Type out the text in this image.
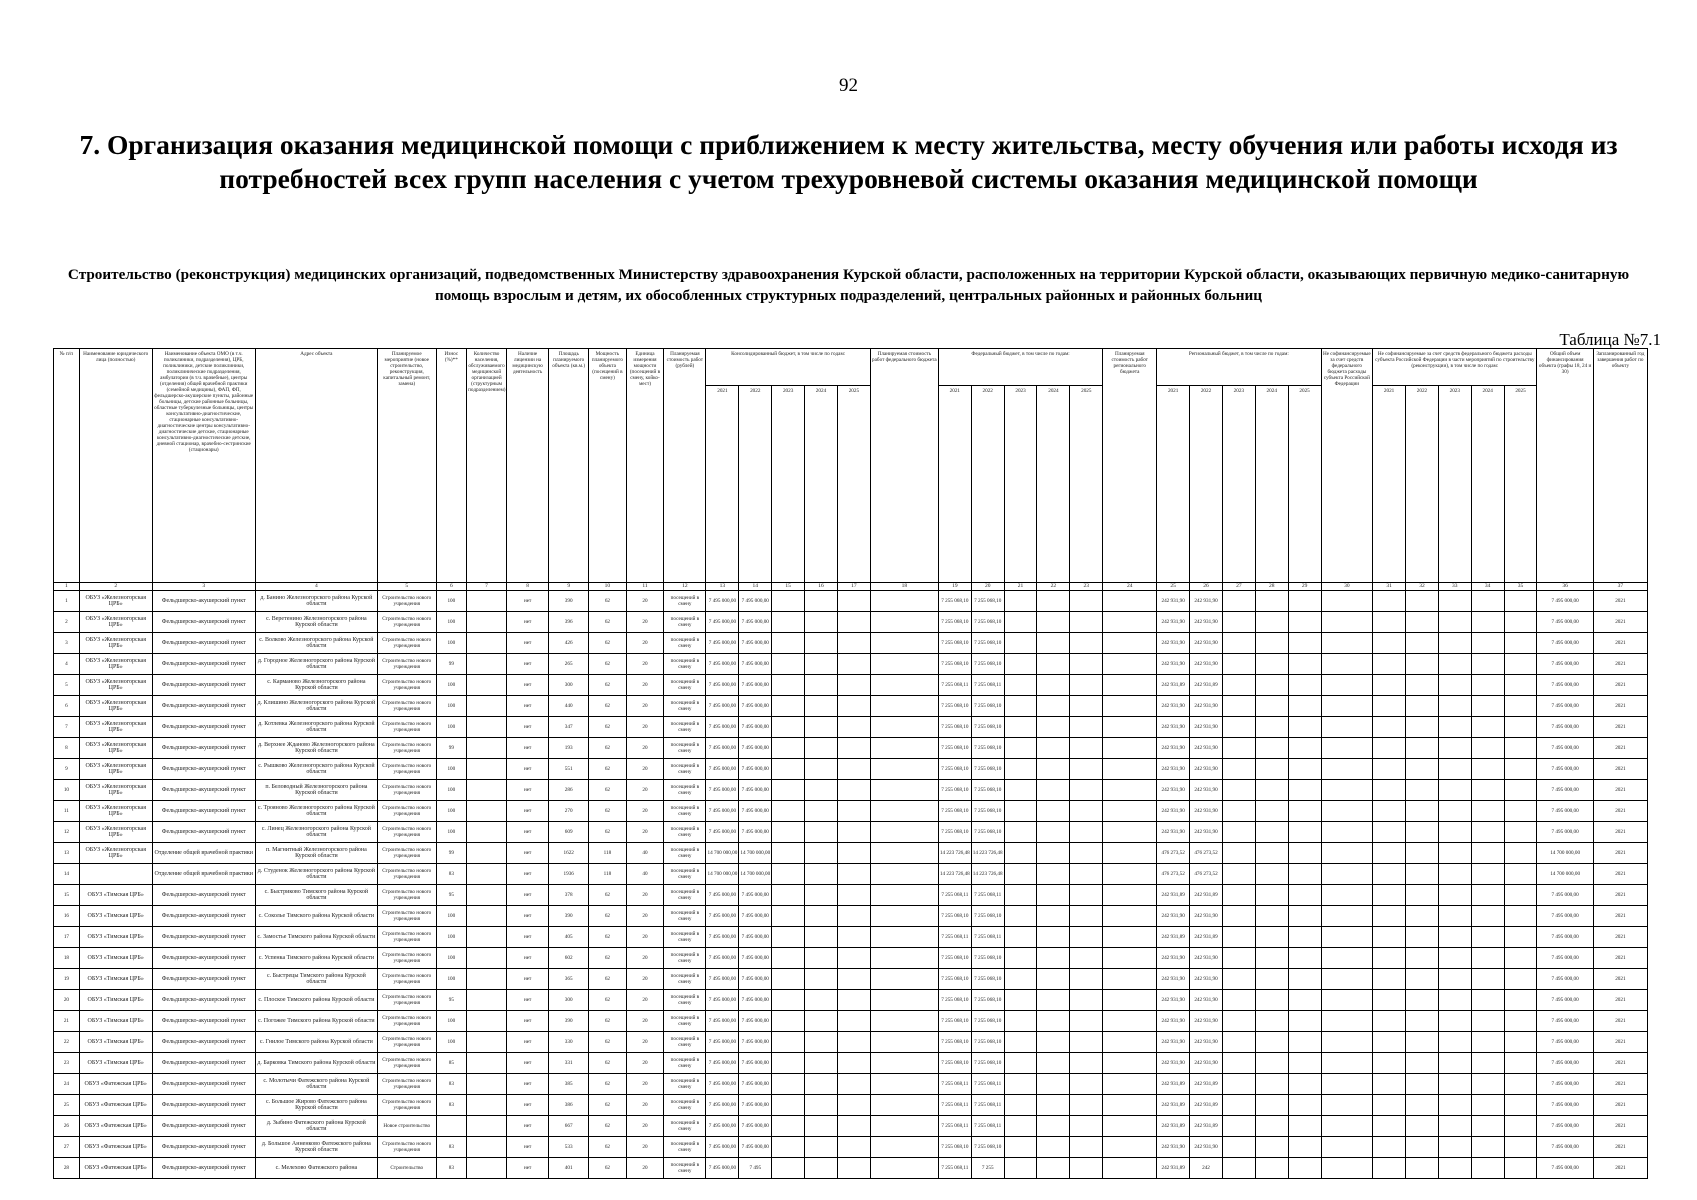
92
7. Организация оказания медицинской помощи с приближением к месту жительства, месту обучения или работы исходя из потребностей всех групп населения с учетом трехуровневой системы оказания медицинской помощи
Строительство (реконструкция) медицинских организаций, подведомственных Министерству здравоохранения Курской области, расположенных на территории Курской области, оказывающих первичную медико-санитарную помощь взрослым и детям, их обособленных структурных подразделений, центральных районных и районных больниц
Таблица №7.1
№ п/п	Наименование юридического лица (полностью)	Наименование объекта ОМО (в т.ч. поликлиники, подразделения), ЦРБ, поликлиники, детские поликлиники, поликлинические подразделения, амбулатории (в т.ч. врачебные), центры (отделения) общей врачебной практики (семейной медицины), ФАП, ФП, фельдшерско-акушерские пункты, районные больницы, детские районные больницы, областные туберкулезные больницы, центры консультативно-диагностические, стационарные консультативно-диагностические центры консультативно-диагностические детские, стационарные консультативно-диагностические детские, дневной стационар, врачебно-сестринские (стационары)	Адрес объекта	Планируемое мероприятие (новое строительство, реконструкция, капитальный ремонт, замена)	Износ (%)**	Количество населения, обслуживаемого медицинской организацией (структурным подразделением)	Наличие лицензии на медицинскую деятельность	Площадь планируемого объекта (кв.м.)	Мощность планируемого объекта (посещений в смену)	Единица измерения мощности (посещений в смену, койко-мест)	Планируемая стоимость работ (рублей)	Консолидированный бюджет, в том числе по годам:					Планируемая стоимость работ федерального бюджета	Федеральный бюджет, в том числе по годам:					Планируемая стоимость работ регионального бюджета	Региональный бюджет, в том числе по годам:					Не софинансируемые за счет средств федерального бюджета расходы субъекта Российской Федерации	Не софинансируемые за счет средств федерального бюджета расходы субъекта Российской Федерации в части мероприятий по строительству (реконструкции), в том числе по годам:					Общий объем финансирования объекта (графы 18, 24 и 30)	Запланированный год завершения работ по объекту
												2021	2022	2023	2024	2025		2021	2022	2023	2024	2025		2021	2022	2023	2024	2025		2021	2022	2023	2024	2025		
1	2	3	4	5	6	7	8	9	10	11	12	13	14	15	16	17	18	19	20	21	22	23	24	25	26	27	28	29	30	31	32	33	34	35	36	37
1	ОБУЗ «Железногорская ЦРБ»	Фельдшерско-акушерский пункт	д. Банино Железногорского района Курской области	Строительство нового учреждения	100		нет	390	62	20	посещений в смену	7 495 000,00	7 495 000,00					7 255 068,10	7 255 068,10					242 931,90	242 931,90										7 495 000,00	2021
2	ОБУЗ «Железногорская ЦРБ»	Фельдшерско-акушерский пункт	с. Веретенино Железногорского района Курской области	Строительство нового учреждения	100		нет	396	62	20	посещений в смену	7 495 000,00	7 495 000,00					7 255 068,10	7 255 068,10					242 931,90	242 931,90										7 495 000,00	2021
3	ОБУЗ «Железногорская ЦРБ»	Фельдшерско-акушерский пункт	с. Волково Железногорского района Курской области	Строительство нового учреждения	100		нет	426	62	20	посещений в смену	7 495 000,00	7 495 000,00					7 255 068,10	7 255 068,10					242 931,90	242 931,90										7 495 000,00	2021
4	ОБУЗ «Железногорская ЦРБ»	Фельдшерско-акушерский пункт	д. Городное Железногорского района Курской области	Строительство нового учреждения	99		нет	265	62	20	посещений в смену	7 495 000,00	7 495 000,00					7 255 068,10	7 255 068,10					242 931,90	242 931,90										7 495 000,00	2021
5	ОБУЗ «Железногорская ЦРБ»	Фельдшерско-акушерский пункт	с. Карманово Железногорского района Курской области	Строительство нового учреждения	100		нет	300	62	20	посещений в смену	7 495 000,00	7 495 000,00					7 255 068,11	7 255 068,11					242 931,89	242 931,89										7 495 000,00	2021
6	ОБУЗ «Железногорская ЦРБ»	Фельдшерско-акушерский пункт	д. Клишино Железногорского района Курской области	Строительство нового учреждения	100		нет	440	62	20	посещений в смену	7 495 000,00	7 495 000,00					7 255 068,10	7 255 068,10					242 931,90	242 931,90										7 495 000,00	2021
7	ОБУЗ «Железногорская ЦРБ»	Фельдшерско-акушерский пункт	д. Котлевка Железногорского района Курской области	Строительство нового учреждения	100		нет	347	62	20	посещений в смену	7 495 000,00	7 495 000,00					7 255 068,10	7 255 068,10					242 931,90	242 931,90										7 495 000,00	2021
8	ОБУЗ «Железногорская ЦРБ»	Фельдшерско-акушерский пункт	д. Верхнее Жданово Железногорского района Курской области	Строительство нового учреждения	99		нет	193	62	20	посещений в смену	7 495 000,00	7 495 000,00					7 255 068,10	7 255 068,10					242 931,90	242 931,90										7 495 000,00	2021
9	ОБУЗ «Железногорская ЦРБ»	Фельдшерско-акушерский пункт	с. Рышково Железногорского района Курской области	Строительство нового учреждения	100		нет	551	62	20	посещений в смену	7 495 000,00	7 495 000,00					7 255 068,10	7 255 068,10					242 931,90	242 931,90										7 495 000,00	2021
10	ОБУЗ «Железногорская ЦРБ»	Фельдшерско-акушерский пункт	п. Беловодный Железногорского района Курской области	Строительство нового учреждения	100		нет	286	62	20	посещений в смену	7 495 000,00	7 495 000,00					7 255 068,10	7 255 068,10					242 931,90	242 931,90										7 495 000,00	2021
11	ОБУЗ «Железногорская ЦРБ»	Фельдшерско-акушерский пункт	с. Трояново Железногорского района Курской области	Строительство нового учреждения	100		нет	270	62	20	посещений в смену	7 495 000,00	7 495 000,00					7 255 068,10	7 255 068,10					242 931,90	242 931,90										7 495 000,00	2021
12	ОБУЗ «Железногорская ЦРБ»	Фельдшерско-акушерский пункт	с. Линец Железногорского района Курской области	Строительство нового учреждения	100		нет	609	62	20	посещений в смену	7 495 000,00	7 495 000,00					7 255 068,10	7 255 068,10					242 931,90	242 931,90										7 495 000,00	2021
13	ОБУЗ «Железногорская ЦРБ»	Отделение общей врачебной практики	п. Магнитный Железногорского района Курской области	Строительство нового учреждения	99		нет	1622	118	40	посещений в смену	14 700 000,00	14 700 000,00					14 223 726,48	14 223 726,48					476 273,52	476 273,52										14 700 000,00	2021
14		Отделение общей врачебной практики	д. Студенок Железногорского района Курской области	Строительство нового учреждения	83		нет	1936	118	40	посещений в смену	14 700 000,00	14 700 000,00					14 223 726,48	14 223 726,48					476 273,52	476 273,52										14 700 000,00	2021
15	ОБУЗ «Тимская ЦРБ»	Фельдшерско-акушерский пункт	с. Быстриково Тимского района Курской области	Строительство нового учреждения	95		нет	378	62	20	посещений в смену	7 495 000,00	7 495 000,00					7 255 068,11	7 255 068,11					242 931,89	242 931,89										7 495 000,00	2021
16	ОБУЗ «Тимская ЦРБ»	Фельдшерско-акушерский пункт	с. Соколье Тимского района Курской области	Строительство нового учреждения	100		нет	390	62	20	посещений в смену	7 495 000,00	7 495 000,00					7 255 068,10	7 255 068,10					242 931,90	242 931,90										7 495 000,00	2021
17	ОБУЗ «Тимская ЦРБ»	Фельдшерско-акушерский пункт	с. Замостье Тимского района Курской области	Строительство нового учреждения	100		нет	405	62	20	посещений в смену	7 495 000,00	7 495 000,00					7 255 068,11	7 255 068,11					242 931,89	242 931,89										7 495 000,00	2021
18	ОБУЗ «Тимская ЦРБ»	Фельдшерско-акушерский пункт	с. Успенка Тимского района Курской области	Строительство нового учреждения	100		нет	602	62	20	посещений в смену	7 495 000,00	7 495 000,00					7 255 068,10	7 255 068,10					242 931,90	242 931,90										7 495 000,00	2021
19	ОБУЗ «Тимская ЦРБ»	Фельдшерско-акушерский пункт	с. Быстрецы Тимского района Курской области	Строительство нового учреждения	100		нет	365	62	20	посещений в смену	7 495 000,00	7 495 000,00					7 255 068,10	7 255 068,10					242 931,90	242 931,90										7 495 000,00	2021
20	ОБУЗ «Тимская ЦРБ»	Фельдшерско-акушерский пункт	с. Плоское Тимского района Курской области	Строительство нового учреждения	95		нет	300	62	20	посещений в смену	7 495 000,00	7 495 000,00					7 255 068,10	7 255 068,10					242 931,90	242 931,90										7 495 000,00	2021
21	ОБУЗ «Тимская ЦРБ»	Фельдшерско-акушерский пункт	с. Погожее Тимского района Курской области	Строительство нового учреждения	100		нет	390	62	20	посещений в смену	7 495 000,00	7 495 000,00					7 255 068,10	7 255 068,10					242 931,90	242 931,90										7 495 000,00	2021
22	ОБУЗ «Тимская ЦРБ»	Фельдшерско-акушерский пункт	с. Гнилое Тимского района Курской области	Строительство нового учреждения	100		нет	330	62	20	посещений в смену	7 495 000,00	7 495 000,00					7 255 068,10	7 255 068,10					242 931,90	242 931,90										7 495 000,00	2021
23	ОБУЗ «Тимская ЦРБ»	Фельдшерско-акушерский пункт	д. Барковка Тимского района Курской области	Строительство нового учреждения	85		нет	331	62	20	посещений в смену	7 495 000,00	7 495 000,00					7 255 068,10	7 255 068,10					242 931,90	242 931,90										7 495 000,00	2021
24	ОБУЗ «Фатежская ЦРБ»	Фельдшерско-акушерский пункт	с. Молотычи Фатежского района Курской области	Строительство нового учреждения	83		нет	385	62	20	посещений в смену	7 495 000,00	7 495 000,00					7 255 068,11	7 255 068,11					242 931,89	242 931,89										7 495 000,00	2021
25	ОБУЗ «Фатежская ЦРБ»	Фельдшерско-акушерский пункт	с. Большое Жирово Фатежского района Курской области	Строительство нового учреждения	83		нет	386	62	20	посещений в смену	7 495 000,00	7 495 000,00					7 255 068,11	7 255 068,11					242 931,89	242 931,89										7 495 000,00	2021
26	ОБУЗ «Фатежская ЦРБ»	Фельдшерско-акушерский пункт	д. Зыбино Фатежского района Курской области	Новое строительство			нет	667	62	20	посещений в смену	7 495 000,00	7 495 000,00					7 255 068,11	7 255 068,11					242 931,89	242 931,89										7 495 000,00	2021
27	ОБУЗ «Фатежская ЦРБ»	Фельдшерско-акушерский пункт	д. Большое Анненково Фатежского района Курской области	Строительство нового учреждения	83		нет	533	62	20	посещений в смену	7 495 000,00	7 495 000,00					7 255 068,10	7 255 068,10					242 931,90	242 931,90										7 495 000,00	2021
28	ОБУЗ «Фатежская ЦРБ»	Фельдшерско-акушерский пункт	с. Мелехово Фатежского района	Строительство	83		нет	401	62	20	посещений в смену	7 495 000,00	7 495					7 255 068,11	7 255					242 931,89	242										7 495 000,00	2021
